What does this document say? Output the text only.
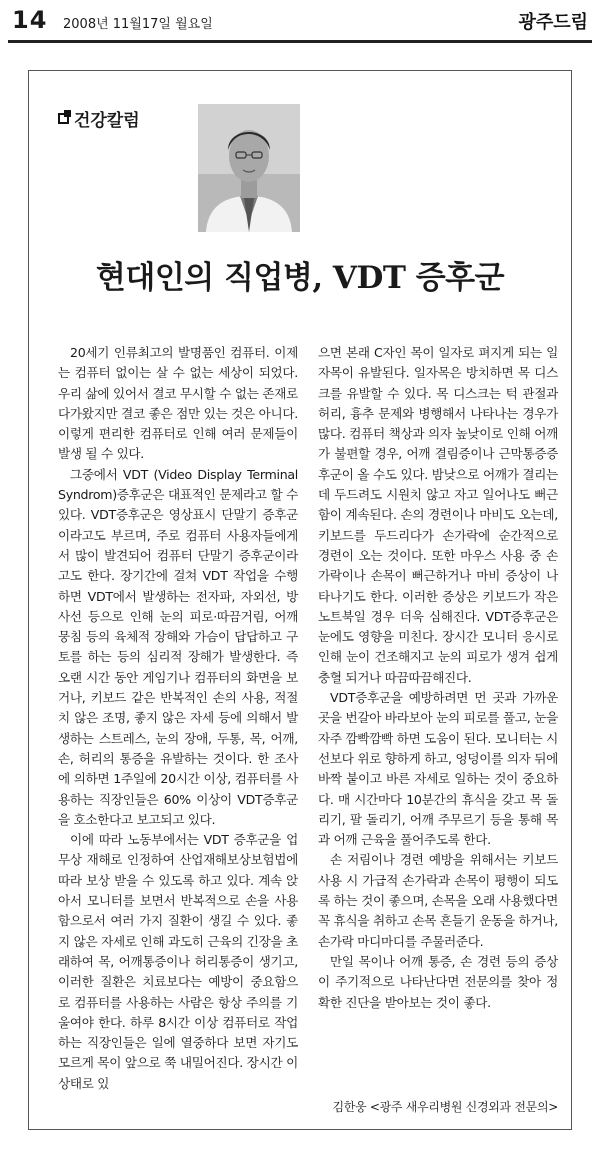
14 2008년 11월17일 월요일	광주드림
건강칼럼
현대인의 직업병, VDT 증후군

20세기 인류최고의 발명품인 컴퓨터. 이제는 컴퓨터 없이는 살 수 없는 세상이 되었다. 우리 삶에 있어서 결코 무시할 수 없는 존재로 다가왔지만 결코 좋은 점만 있는 것은 아니다. 이렇게 편리한 컴퓨터로 인해 여러 문제들이 발생 될 수 있다.

그중에서 VDT (Video Display Terminal Syndrom)증후군은 대표적인 문제라고 할 수 있다. VDT증후군은 영상표시 단말기 증후군이라고도 부르며, 주로 컴퓨터 사용자들에게서 많이 발견되어 컴퓨터 단말기 증후군이라고도 한다. 장기간에 걸쳐 VDT 작업을 수행하면 VDT에서 발생하는 전자파, 자외선, 방사선 등으로 인해 눈의 피로·따끔거림, 어깨 뭉침 등의 육체적 장해와 가슴이 답답하고 구토를 하는 등의 심리적 장해가 발생한다. 즉 오랜 시간 동안 게임기나 컴퓨터의 화면을 보거나, 키보드 같은 반복적인 손의 사용, 적절치 않은 조명, 좋지 않은 자세 등에 의해서 발생하는 스트레스, 눈의 장애, 두통, 목, 어깨, 손, 허리의 통증을 유발하는 것이다. 한 조사에 의하면 1주일에 20시간 이상, 컴퓨터를 사용하는 직장인들은 60% 이상이 VDT증후군을 호소한다고 보고되고 있다.

이에 따라 노동부에서는 VDT 증후군을 업무상 재해로 인정하여 산업재해보상보험법에 따라 보상 받을 수 있도록 하고 있다. 계속 앉아서 모니터를 보면서 반복적으로 손을 사용함으로서 여러 가지 질환이 생길 수 있다. 좋지 않은 자세로 인해 과도히 근육의 긴장을 초래하여 목, 어깨통증이나 허리통증이 생기고, 이러한 질환은 치료보다는 예방이 중요함으로 컴퓨터를 사용하는 사람은 항상 주의를 기울여야 한다. 하루 8시간 이상 컴퓨터로 작업하는 직장인들은 일에 열중하다 보면 자기도 모르게 목이 앞으로 쭉 내밀어진다. 장시간 이 상태로 있

으면 본래 C자인 목이 일자로 펴지게 되는 일자목이 유발된다. 일자목은 방치하면 목 디스크를 유발할 수 있다. 목 디스크는 턱 관절과 허리, 흉추 문제와 병행해서 나타나는 경우가 많다. 컴퓨터 책상과 의자 높낮이로 인해 어깨가 불편할 경우, 어깨 결림증이나 근막통증증후군이 올 수도 있다. 밤낮으로 어깨가 결리는데 두드려도 시원치 않고 자고 일어나도 뻐근함이 계속된다. 손의 경련이나 마비도 오는데, 키보드를 두드리다가 손가락에 순간적으로 경련이 오는 것이다. 또한 마우스 사용 중 손가락이나 손목이 뻐근하거나 마비 증상이 나타나기도 한다. 이러한 증상은 키보드가 작은 노트북일 경우 더욱 심해진다. VDT증후군은 눈에도 영향을 미친다. 장시간 모니터 응시로 인해 눈이 건조해지고 눈의 피로가 생겨 쉽게 충혈 되거나 따끔따끔해진다.

VDT증후군을 예방하려면 먼 곳과 가까운 곳을 번갈아 바라보아 눈의 피로를 풀고, 눈을 자주 깜빡깜빡 하면 도움이 된다. 모니터는 시선보다 위로 향하게 하고, 엉덩이를 의자 뒤에 바짝 붙이고 바른 자세로 일하는 것이 중요하다. 매 시간마다 10분간의 휴식을 갖고 목 돌리기, 팔 돌리기, 어깨 주무르기 등을 통해 목과 어깨 근육을 풀어주도록 한다.

손 저림이나 경련 예방을 위해서는 키보드 사용 시 가급적 손가락과 손목이 평행이 되도록 하는 것이 좋으며, 손목을 오래 사용했다면 꼭 휴식을 취하고 손목 흔들기 운동을 하거나, 손가락 마디마디를 주물러준다.

만일 목이나 어깨 통증, 손 경련 등의 증상이 주기적으로 나타난다면 전문의를 찾아 정확한 진단을 받아보는 것이 좋다.

김한웅 <광주 새우리병원 신경외과 전문의>
